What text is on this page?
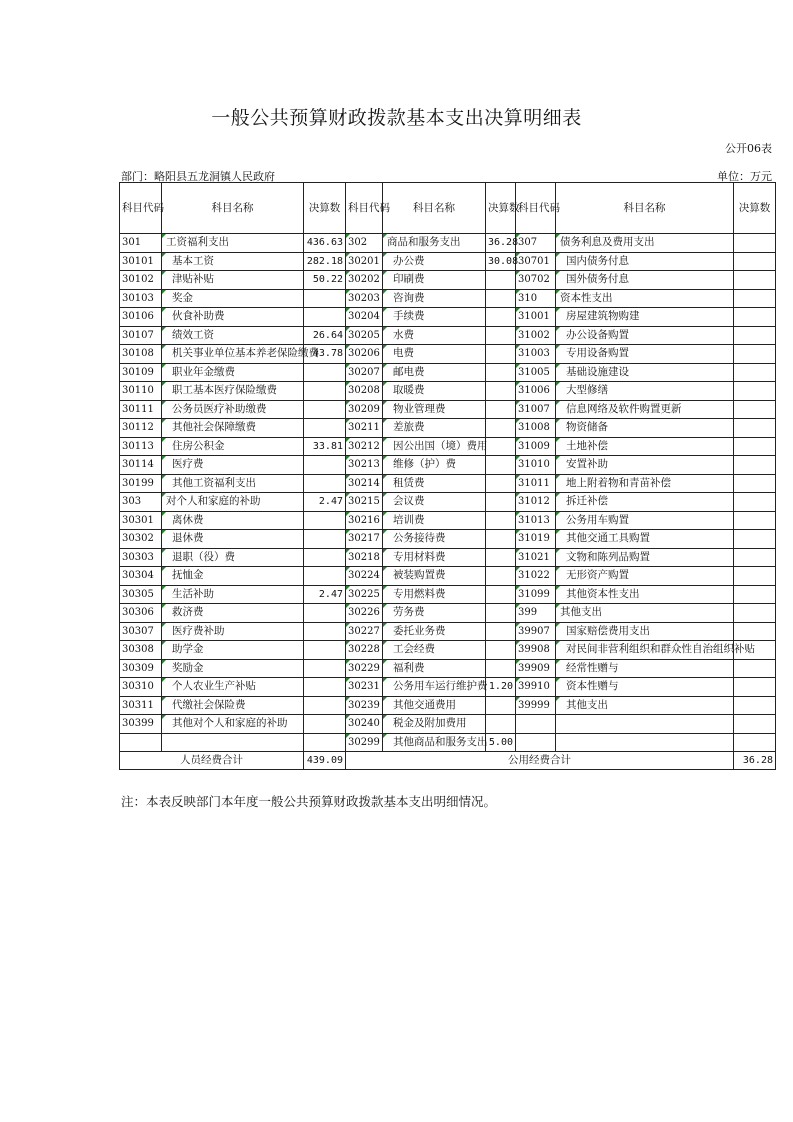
一般公共预算财政拨款基本支出决算明细表
公开06表
部门：略阳县五龙洞镇人民政府	单位：万元
科目代码	科目名称	决算数	科目代码	科目名称	决算数	科目代码	科目名称	决算数
301	工资福利支出	436.63	302	商品和服务支出	36.28	307	债务利息及费用支出	
30101	基本工资	282.18	30201	办公费	30.08	30701	国内债务付息	
30102	津贴补贴	50.22	30202	印刷费		30702	国外债务付息	
30103	奖金		30203	咨询费		310	资本性支出	
30106	伙食补助费		30204	手续费		31001	房屋建筑物购建	
30107	绩效工资	26.64	30205	水费		31002	办公设备购置	
30108	机关事业单位基本养老保险缴费	43.78	30206	电费		31003	专用设备购置	
30109	职业年金缴费		30207	邮电费		31005	基础设施建设	
30110	职工基本医疗保险缴费		30208	取暖费		31006	大型修缮	
30111	公务员医疗补助缴费		30209	物业管理费		31007	信息网络及软件购置更新	
30112	其他社会保障缴费		30211	差旅费		31008	物资储备	
30113	住房公积金	33.81	30212	因公出国（境）费用		31009	土地补偿	
30114	医疗费		30213	维修（护）费		31010	安置补助	
30199	其他工资福利支出		30214	租赁费		31011	地上附着物和青苗补偿	
303	对个人和家庭的补助	2.47	30215	会议费		31012	拆迁补偿	
30301	离休费		30216	培训费		31013	公务用车购置	
30302	退休费		30217	公务接待费		31019	其他交通工具购置	
30303	退职（役）费		30218	专用材料费		31021	文物和陈列品购置	
30304	抚恤金		30224	被装购置费		31022	无形资产购置	
30305	生活补助	2.47	30225	专用燃料费		31099	其他资本性支出	
30306	救济费		30226	劳务费		399	其他支出	
30307	医疗费补助		30227	委托业务费		39907	国家赔偿费用支出	
30308	助学金		30228	工会经费		39908	对民间非营利组织和群众性自治组织补贴	
30309	奖励金		30229	福利费		39909	经常性赠与	
30310	个人农业生产补贴		30231	公务用车运行维护费	1.20	39910	资本性赠与	
30311	代缴社会保险费		30239	其他交通费用		39999	其他支出	
30399	其他对个人和家庭的补助		30240	税金及附加费用				
			30299	其他商品和服务支出	5.00			
人员经费合计		439.09	公用经费合计					36.28
注：本表反映部门本年度一般公共预算财政拨款基本支出明细情况。
